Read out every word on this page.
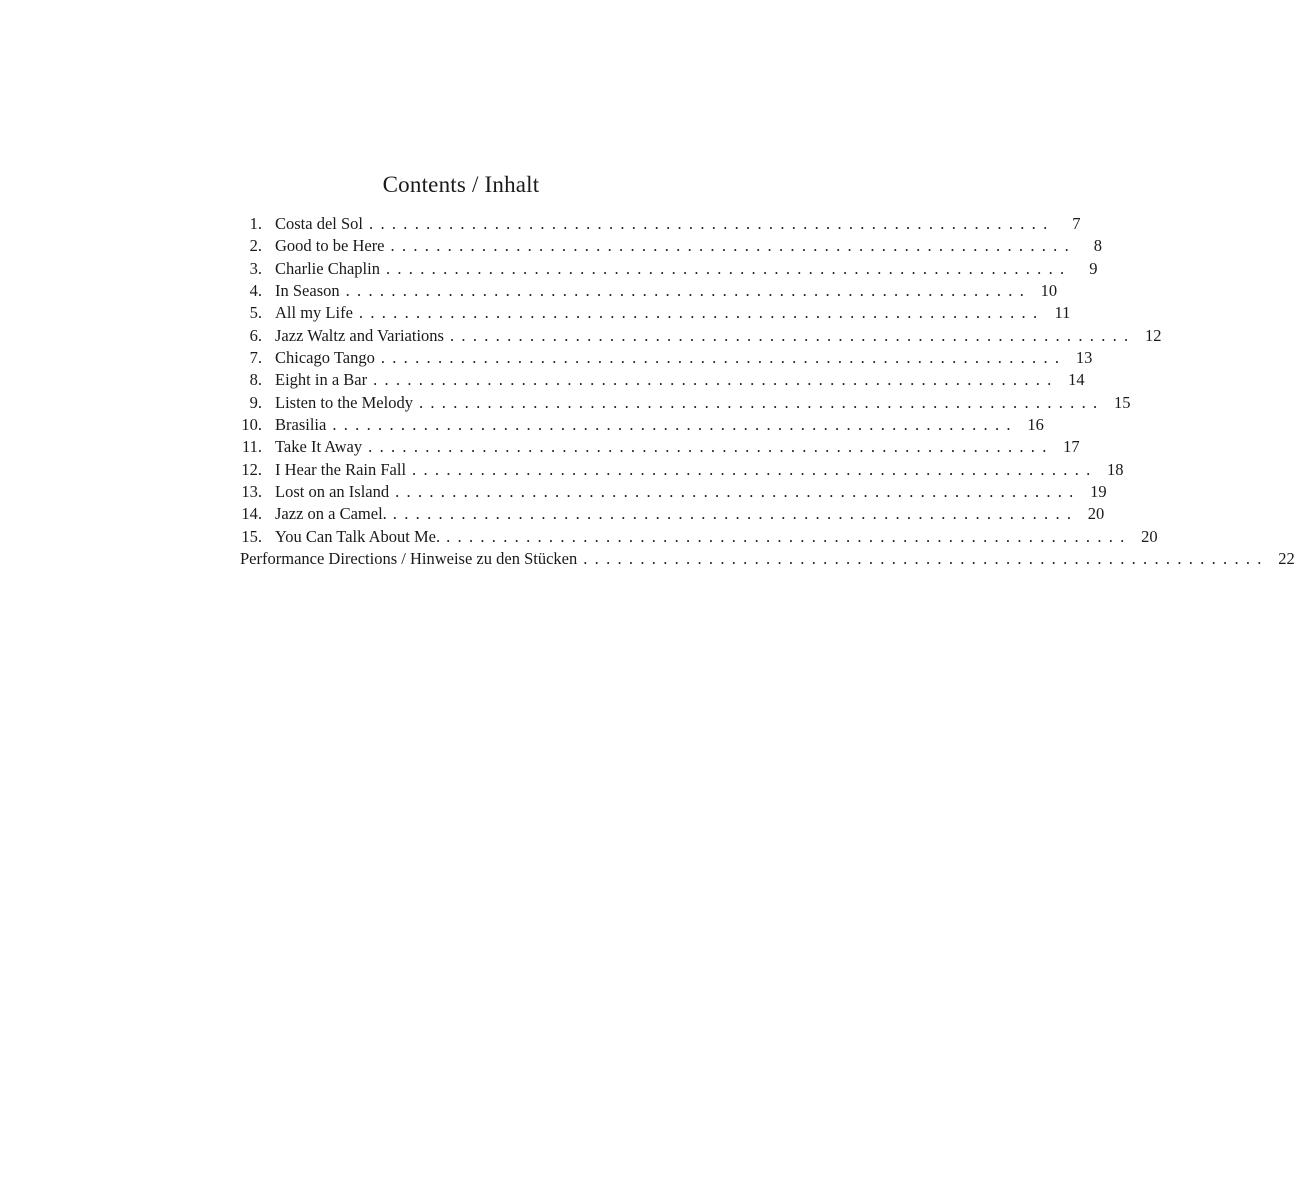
Contents / Inhalt
1. Costa del Sol ............................................................	7
2. Good to be Here ............................................................	8
3. Charlie Chaplin ............................................................	9
4. In Season ............................................................ 10
5. All my Life ............................................................ 11
6. Jazz Waltz and Variations ............................................................ 12
7. Chicago Tango ............................................................ 13
8. Eight in a Bar ............................................................ 14
9. Listen to the Melody ............................................................ 15
10. Brasilia ............................................................ 16
11. Take It Away ............................................................ 17
12. I Hear the Rain Fall ............................................................ 18
13. Lost on an Island ............................................................ 19
14. Jazz on a Camel. ............................................................ 20
15. You Can Talk About Me. ............................................................ 20
Performance Directions / Hinweise zu den Stücken ............................................................ 22
